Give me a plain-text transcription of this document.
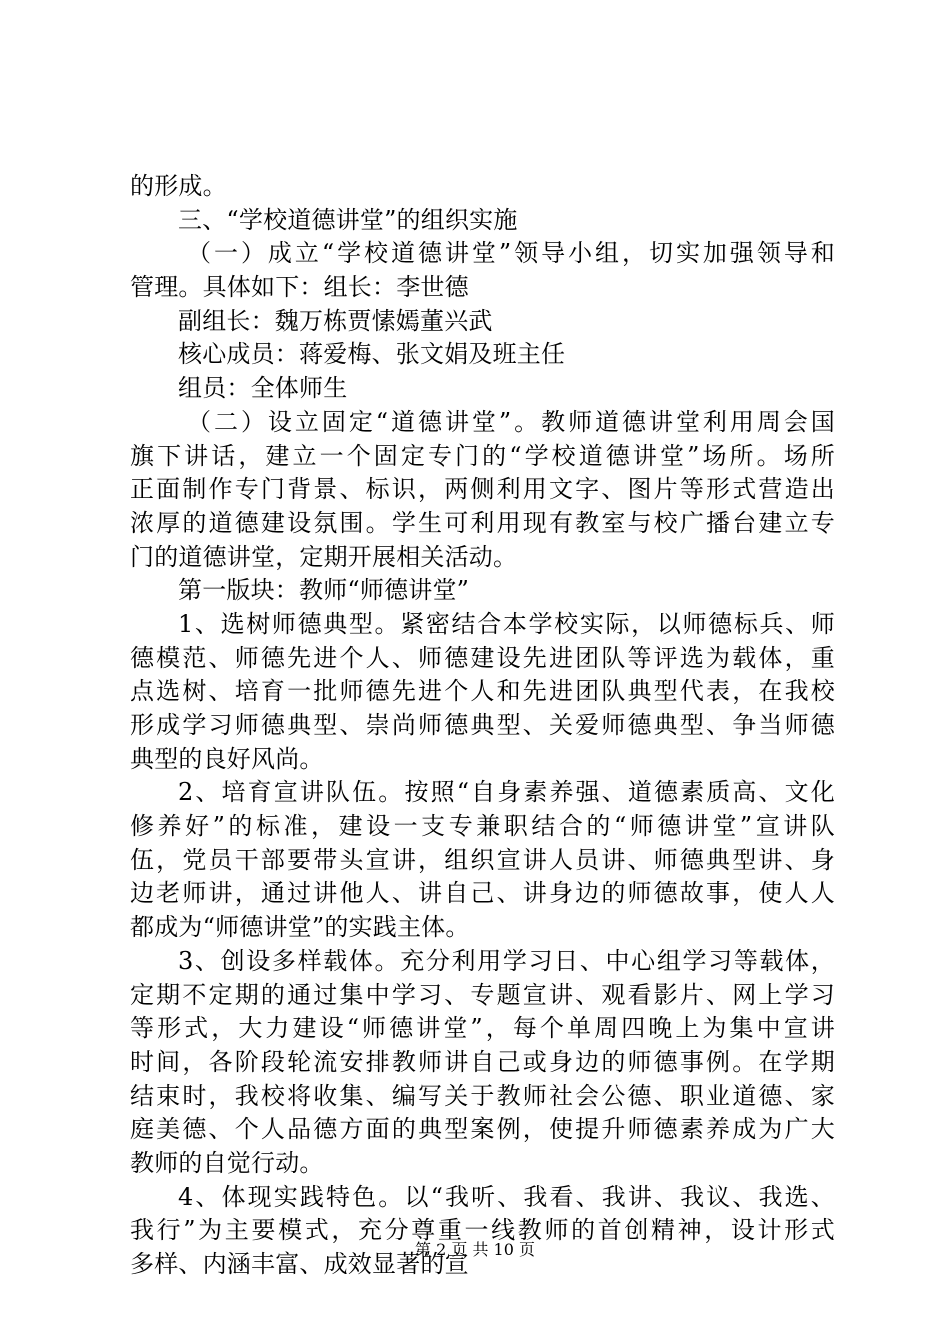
的形成。
三、“学校道德讲堂”的组织实施
（一）成立“学校道德讲堂”领导小组，切实加强领导和
管理。具体如下：组长：李世德
副组长：魏万栋贾愫嫣董兴武
核心成员：蒋爱梅、张文娟及班主任
组员：全体师生
（二）设立固定“道德讲堂”。教师道德讲堂利用周会国
旗下讲话，建立一个固定专门的“学校道德讲堂”场所。场所
正面制作专门背景、标识，两侧利用文字、图片等形式营造出
浓厚的道德建设氛围。学生可利用现有教室与校广播台建立专
门的道德讲堂，定期开展相关活动。
第一版块：教师“师德讲堂”
1、选树师德典型。紧密结合本学校实际，以师德标兵、师
德模范、师德先进个人、师德建设先进团队等评选为载体，重
点选树、培育一批师德先进个人和先进团队典型代表，在我校
形成学习师德典型、崇尚师德典型、关爱师德典型、争当师德
典型的良好风尚。
2、培育宣讲队伍。按照“自身素养强、道德素质高、文化
修养好”的标准，建设一支专兼职结合的“师德讲堂”宣讲队
伍，党员干部要带头宣讲，组织宣讲人员讲、师德典型讲、身
边老师讲，通过讲他人、讲自己、讲身边的师德故事，使人人
都成为“师德讲堂”的实践主体。
3、创设多样载体。充分利用学习日、中心组学习等载体，
定期不定期的通过集中学习、专题宣讲、观看影片、网上学习
等形式，大力建设“师德讲堂”，每个单周四晚上为集中宣讲
时间，各阶段轮流安排教师讲自己或身边的师德事例。在学期
结束时，我校将收集、编写关于教师社会公德、职业道德、家
庭美德、个人品德方面的典型案例，使提升师德素养成为广大
教师的自觉行动。
4、体现实践特色。以“我听、我看、我讲、我议、我选、
我行”为主要模式，充分尊重一线教师的首创精神，设计形式
多样、内涵丰富、成效显著的宣
第 2 页 共 10 页
